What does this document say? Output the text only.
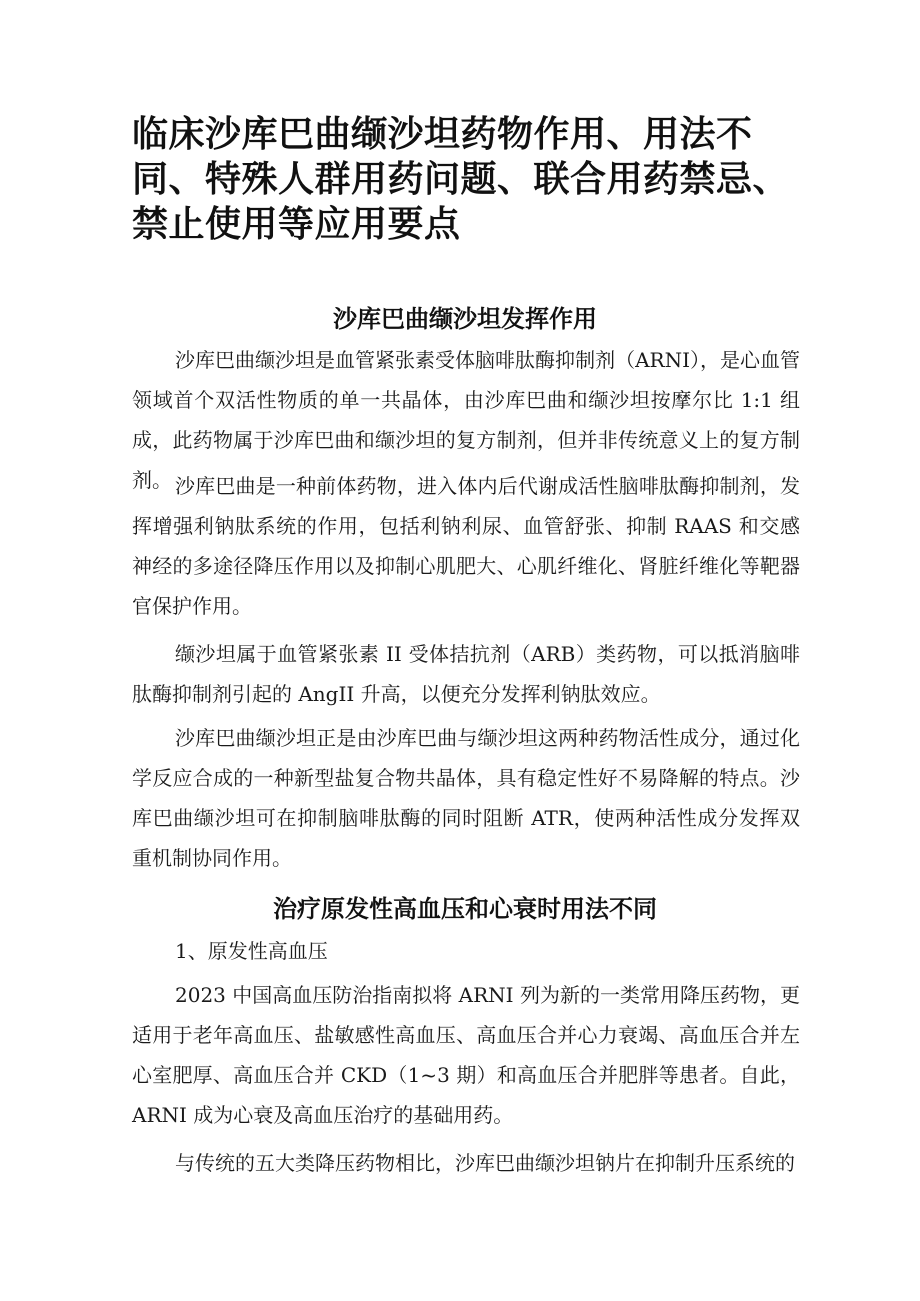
临床沙库巴曲缬沙坦药物作用、用法不同、特殊人群用药问题、联合用药禁忌、禁止使用等应用要点
沙库巴曲缬沙坦发挥作用

沙库巴曲缬沙坦是血管紧张素受体脑啡肽酶抑制剂（ARNI），是心血管领域首个双活性物质的单一共晶体，由沙库巴曲和缬沙坦按摩尔比 1:1 组成，此药物属于沙库巴曲和缬沙坦的复方制剂，但并非传统意义上的复方制剂。 沙库巴曲是一种前体药物，进入体内后代谢成活性脑啡肽酶抑制剂，发挥增强利钠肽系统的作用，包括利钠利尿、血管舒张、抑制 RAAS 和交感神经的多途径降压作用以及抑制心肌肥大、心肌纤维化、肾脏纤维化等靶器官保护作用。

缬沙坦属于血管紧张素 II 受体拮抗剂（ARB）类药物，可以抵消脑啡肽酶抑制剂引起的 AngII 升高，以便充分发挥利钠肽效应。

沙库巴曲缬沙坦正是由沙库巴曲与缬沙坦这两种药物活性成分，通过化学反应合成的一种新型盐复合物共晶体，具有稳定性好不易降解的特点。沙库巴曲缬沙坦可在抑制脑啡肽酶的同时阻断 ATR，使两种活性成分发挥双重机制协同作用。

治疗原发性高血压和心衰时用法不同

1、原发性高血压

2023 中国高血压防治指南拟将 ARNI 列为新的一类常用降压药物，更适用于老年高血压、盐敏感性高血压、高血压合并心力衰竭、高血压合并左心室肥厚、高血压合并 CKD（1~3 期）和高血压合并肥胖等患者。自此，ARNI 成为心衰及高血压治疗的基础用药。

与传统的五大类降压药物相比，沙库巴曲缬沙坦钠片在抑制升压系统的
